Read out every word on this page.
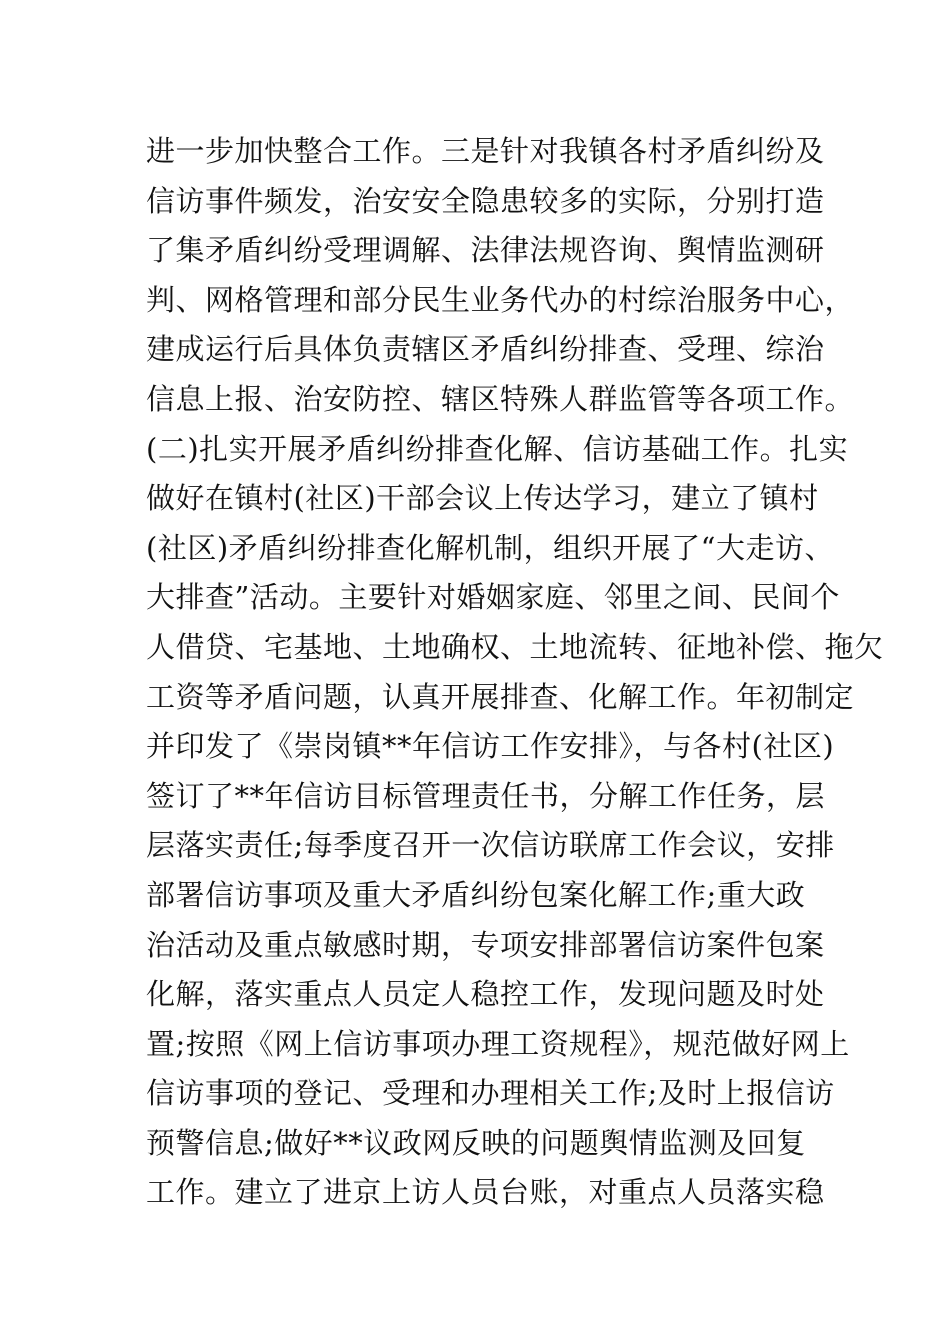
进一步加快整合工作。三是针对我镇各村矛盾纠纷及
信访事件频发，治安安全隐患较多的实际，分别打造
了集矛盾纠纷受理调解、法律法规咨询、舆情监测研
判、网格管理和部分民生业务代办的村综治服务中心，
建成运行后具体负责辖区矛盾纠纷排查、受理、综治
信息上报、治安防控、辖区特殊人群监管等各项工作。
(二)扎实开展矛盾纠纷排查化解、信访基础工作。扎实
做好在镇村(社区)干部会议上传达学习，建立了镇村
(社区)矛盾纠纷排查化解机制，组织开展了“大走访、
大排查”活动。主要针对婚姻家庭、邻里之间、民间个
人借贷、宅基地、土地确权、土地流转、征地补偿、拖欠
工资等矛盾问题，认真开展排查、化解工作。年初制定
并印发了《崇岗镇**年信访工作安排》，与各村(社区)
签订了**年信访目标管理责任书，分解工作任务，层
层落实责任;每季度召开一次信访联席工作会议，安排
部署信访事项及重大矛盾纠纷包案化解工作;重大政
治活动及重点敏感时期，专项安排部署信访案件包案
化解，落实重点人员定人稳控工作，发现问题及时处
置;按照《网上信访事项办理工资规程》，规范做好网上
信访事项的登记、受理和办理相关工作;及时上报信访
预警信息;做好**议政网反映的问题舆情监测及回复
工作。建立了进京上访人员台账，对重点人员落实稳
